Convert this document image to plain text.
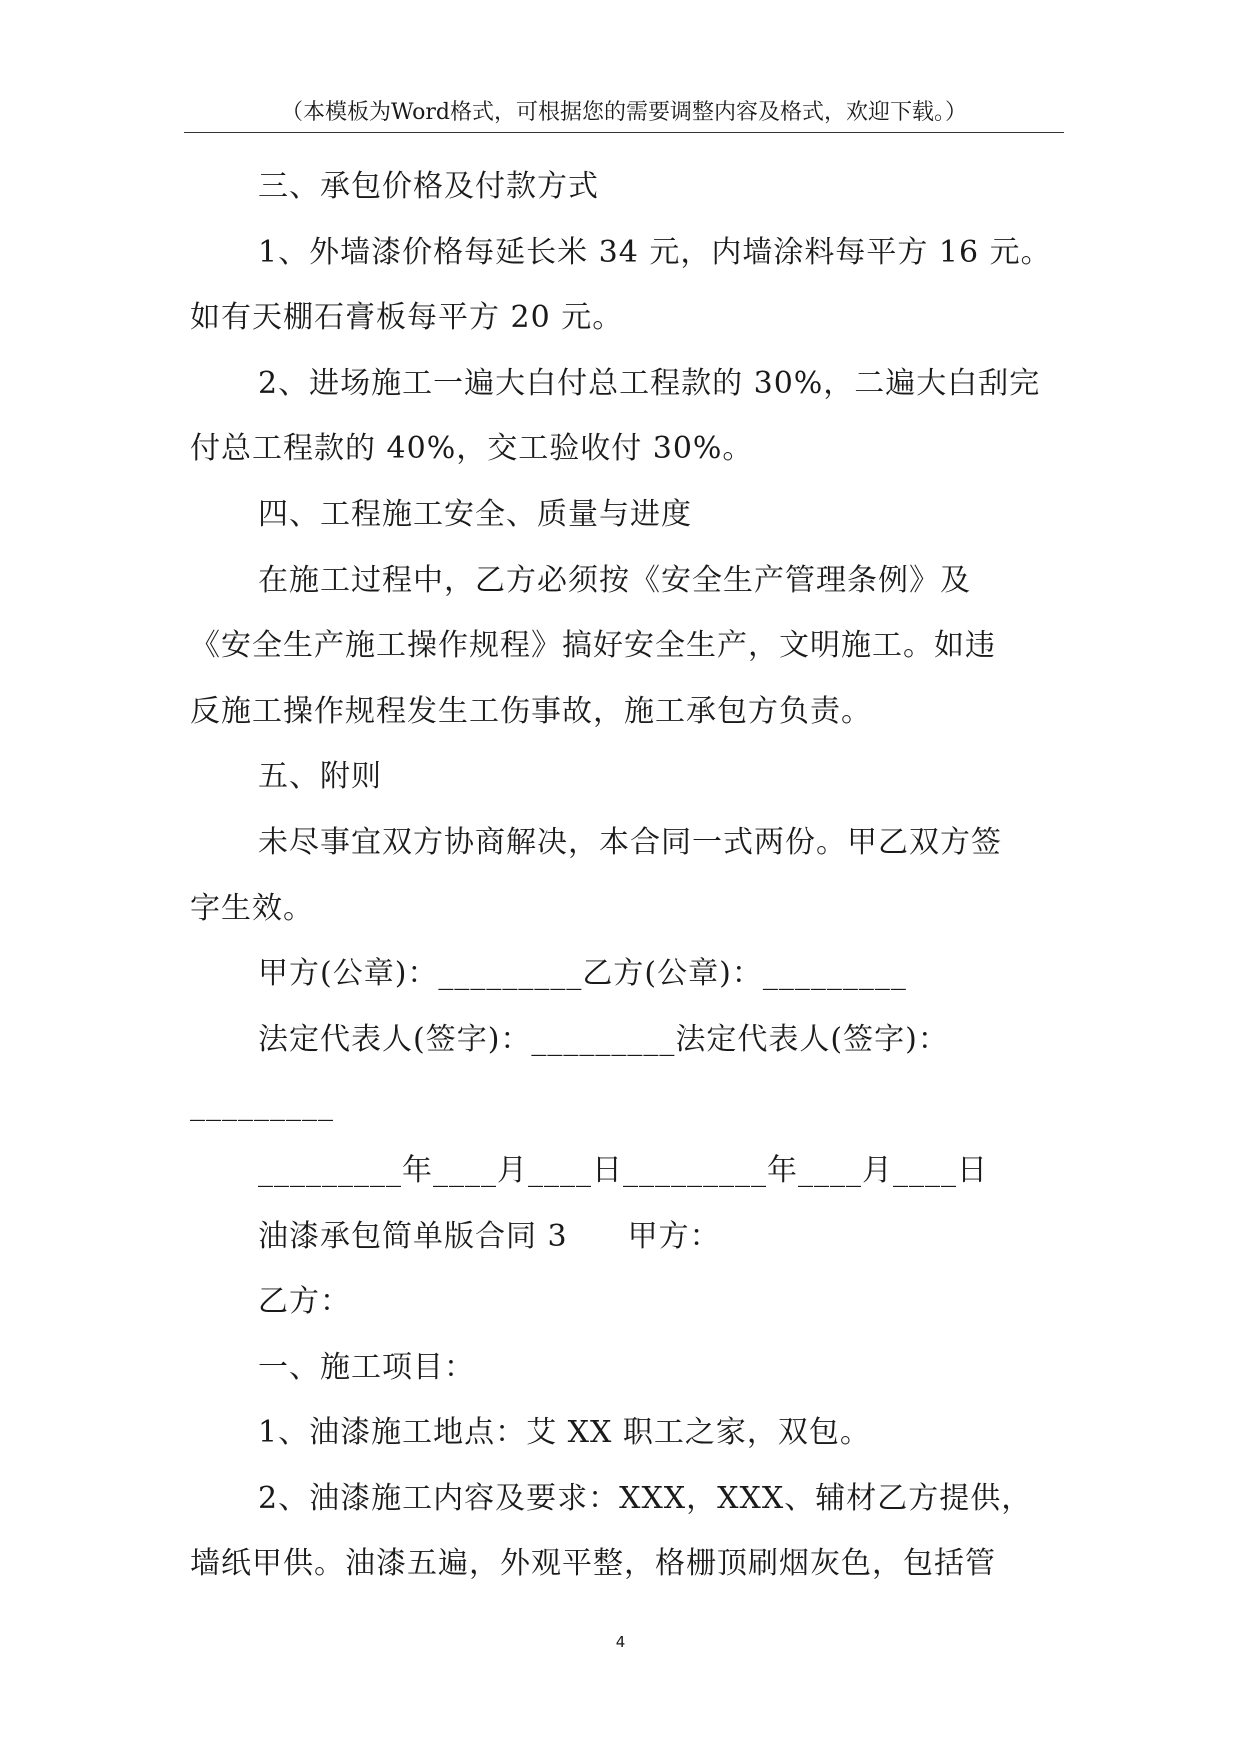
（本模板为Word格式，可根据您的需要调整内容及格式，欢迎下载。）
三、承包价格及付款方式
1、外墙漆价格每延长米 34 元，内墙涂料每平方 16 元。
如有天棚石膏板每平方 20 元。
2、进场施工一遍大白付总工程款的 30%，二遍大白刮完
付总工程款的 40%，交工验收付 30%。
四、工程施工安全、质量与进度
在施工过程中，乙方必须按《安全生产管理条例》及
《安全生产施工操作规程》搞好安全生产，文明施工。如违
反施工操作规程发生工伤事故，施工承包方负责。
五、附则
未尽事宜双方协商解决，本合同一式两份。甲乙双方签
字生效。
甲方(公章)：_________乙方(公章)：_________
法定代表人(签字)：_________法定代表人(签字)：
_________
_________年____月____日_________年____月____日
油漆承包简单版合同 3 甲方：
乙方：
一、施工项目：
1、油漆施工地点：艾 XX 职工之家，双包。
2、油漆施工内容及要求：XXX，XXX、辅材乙方提供，
墙纸甲供。油漆五遍，外观平整，格栅顶刷烟灰色，包括管
4
